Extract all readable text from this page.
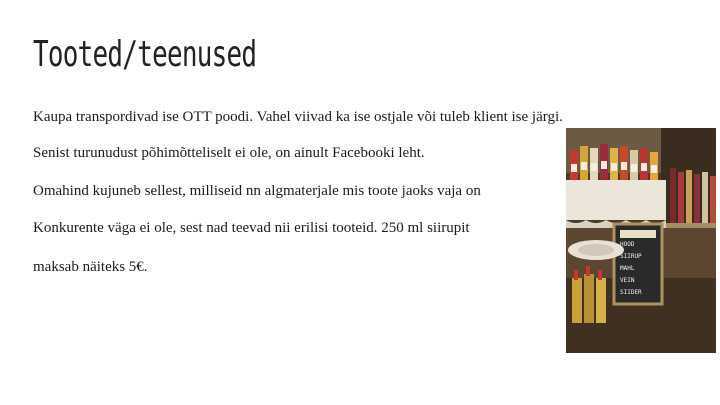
Tooted/teenused
Kaupa transpordivad ise OTT poodi. Vahel viivad ka ise ostjale või tuleb klient ise järgi.
Senist turunudust põhimõtteliselt ei ole, on ainult Facebooki leht.
Omahind kujuneb sellest, milliseid nn algmaterjale mis toote jaoks vaja on
Konkurente väga ei ole, sest nad teevad nii erilisi tooteid. 250 ml siirupit
maksab näiteks 5€.
HOOD
SIIRUP
MAHL
VEIN
SIIDER
